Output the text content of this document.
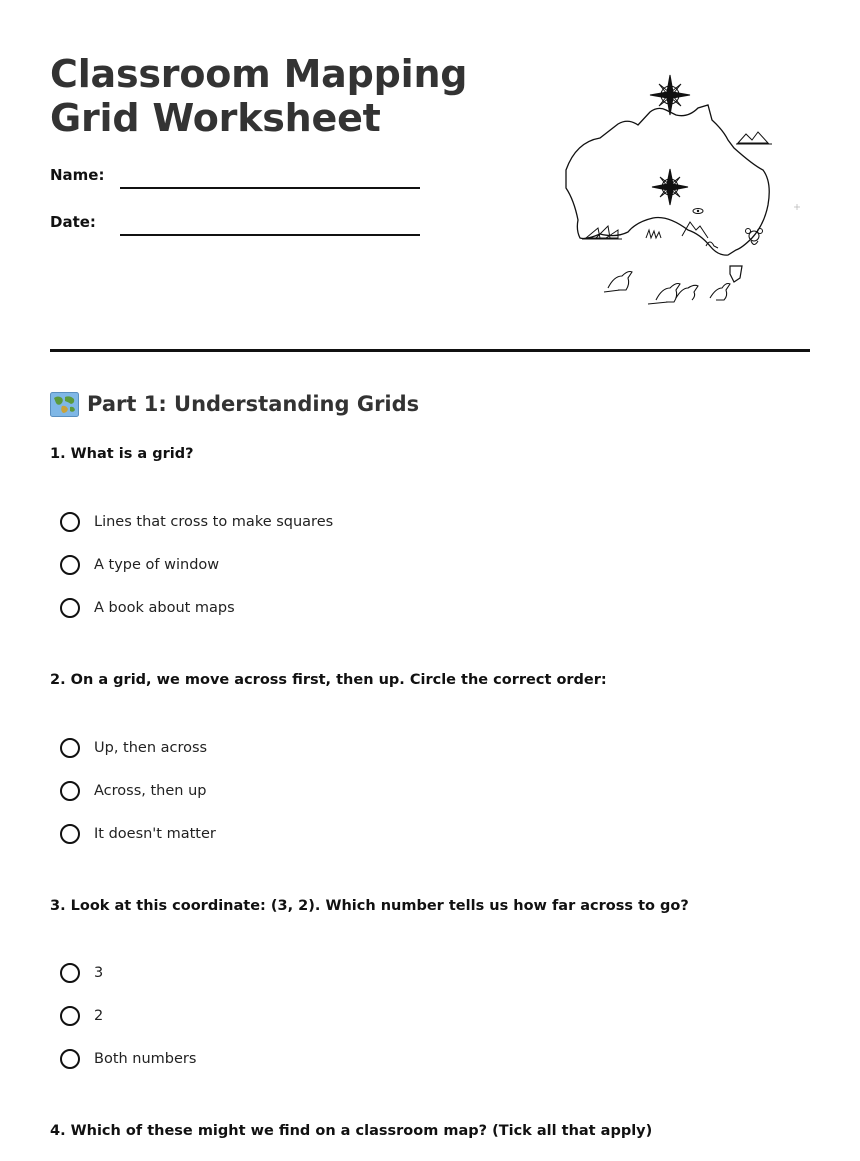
Classroom Mapping
Grid Worksheet
Name:
Date:
Part 1: Understanding Grids
1. What is a grid?
Lines that cross to make squares
A type of window
A book about maps
2. On a grid, we move across first, then up. Circle the correct order:
Up, then across
Across, then up
It doesn't matter
3. Look at this coordinate: (3, 2). Which number tells us how far across to go?
3
2
Both numbers
4. Which of these might we find on a classroom map? (Tick all that apply)
